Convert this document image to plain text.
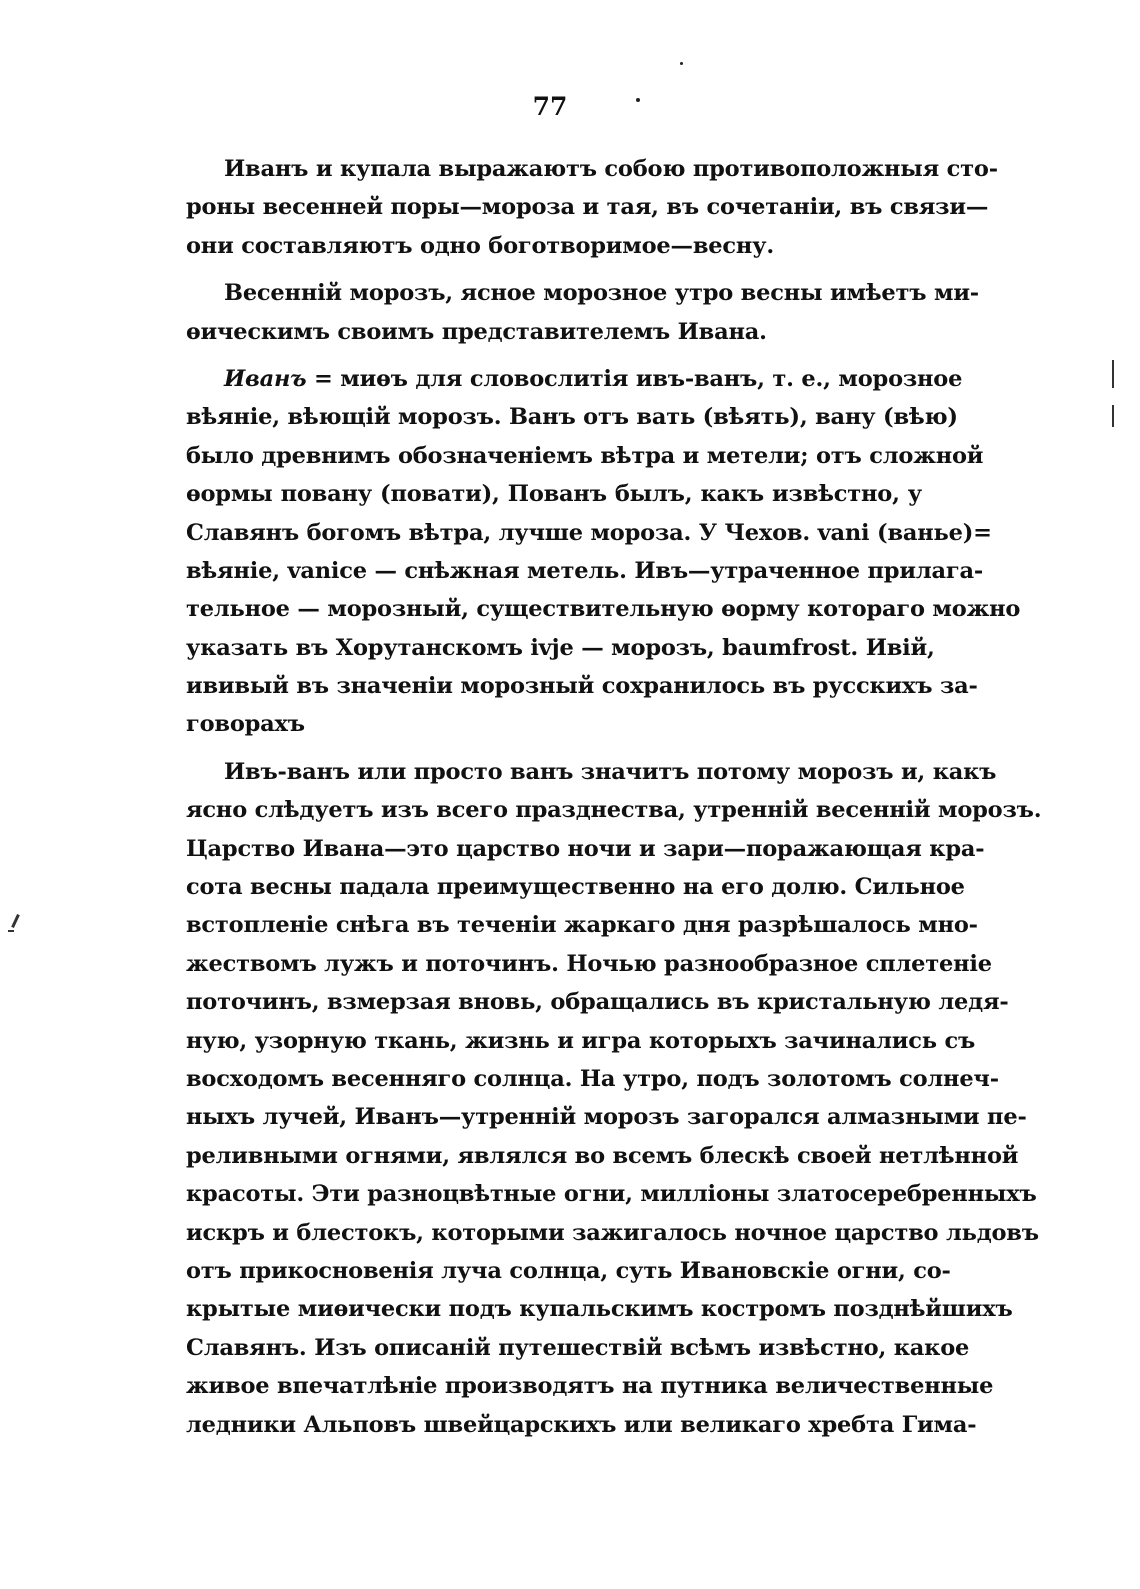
77
Иванъ и купала выражаютъ собою противоположныя сто-
роны весенней поры—мороза и тая, въ сочетаніи, въ связи—
они составляютъ одно боготворимое—весну.
Весенній морозъ, ясное морозное утро весны имѣетъ ми-
ѳическимъ своимъ представителемъ Ивана.
Иванъ = миѳъ для словослитія ивъ-ванъ, т. е., морозное
вѣяніе, вѣющій морозъ. Ванъ отъ вать (вѣять), вану (вѣю)
было древнимъ обозначеніемъ вѣтра и метели; отъ сложной
ѳормы повану (повати), Пованъ былъ, какъ извѣстно, у
Славянъ богомъ вѣтра, лучше мороза. У Чехов. vani (ваньe)=
вѣяніе, vanice — снѣжная метель. Ивъ—утраченное прилага-
тельное — морозный, существительную ѳорму котораго можно
указать въ Хорутанскомъ ivje — морозъ, baumfrost. Ивій,
ививый въ значеніи морозный сохранилось въ русскихъ за-
говорахъ
Ивъ-ванъ или просто ванъ значитъ потому морозъ и, какъ
ясно слѣдуетъ изъ всего празднества, утренній весенній морозъ.
Царство Ивана—это царство ночи и зари—поражающая кра-
сота весны падала преимущественно на его долю. Сильное
встопленіе снѣга въ теченіи жаркаго дня разрѣшалось мно-
жествомъ лужъ и поточинъ. Ночью разнообразное сплетеніе
поточинъ, взмерзая вновь, обращались въ кристальную ледя-
ную, узорную ткань, жизнь и игра которыхъ зачинались съ
восходомъ весенняго солнца. На утро, подъ золотомъ солнеч-
ныхъ лучей, Иванъ—утренній морозъ загорался алмазными пе-
реливными огнями, являлся во всемъ блескѣ своей нетлѣнной
красоты. Эти разноцвѣтные огни, милліоны златосеребренныхъ
искръ и блестокъ, которыми зажигалось ночное царство льдовъ
отъ прикосновенія луча солнца, суть Ивановскіе огни, со-
крытые миѳически подъ купальскимъ костромъ позднѣйшихъ
Славянъ. Изъ описаній путешествій всѣмъ извѣстно, какое
живое впечатлѣніе производятъ на путника величественные
ледники Альповъ швейцарскихъ или великаго хребта Гима-
